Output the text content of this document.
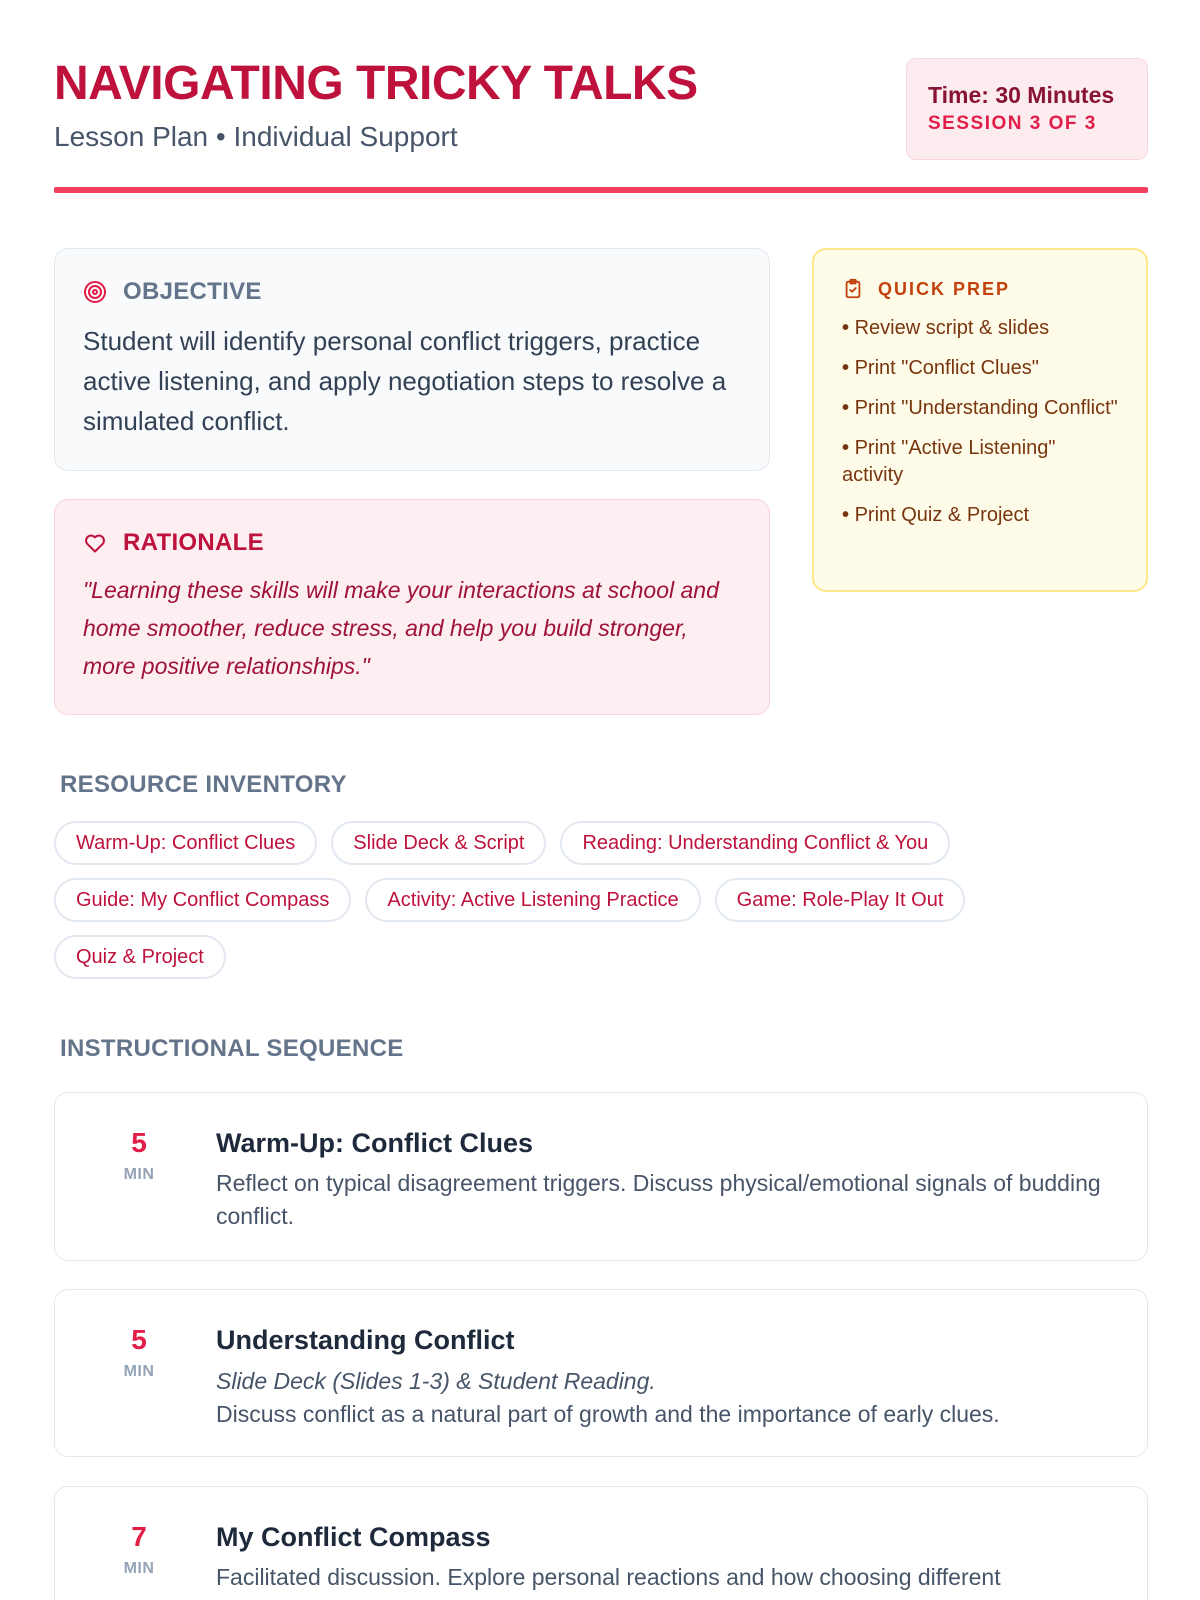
NAVIGATING TRICKY TALKS
Lesson Plan • Individual Support
Time: 30 Minutes
SESSION 3 OF 3
OBJECTIVE

Student will identify personal conflict triggers, practice active listening, and apply negotiation steps to resolve a simulated conflict.

RATIONALE

"Learning these skills will make your interactions at school and home smoother, reduce stress, and help you build stronger, more positive relationships."

QUICK PREP
• Review script & slides
• Print "Conflict Clues"
• Print "Understanding Conflict"
• Print "Active Listening" activity
• Print Quiz & Project
RESOURCE INVENTORY
Warm-Up: Conflict Clues	Slide Deck & Script	Reading: Understanding Conflict & You
Guide: My Conflict Compass	Activity: Active Listening Practice	Game: Role-Play It Out
Quiz & Project
INSTRUCTIONAL SEQUENCE
5
MIN
Warm-Up: Conflict Clues
Reflect on typical disagreement triggers. Discuss physical/emotional signals of budding conflict.
5
MIN
Understanding Conflict
Slide Deck (Slides 1-3) & Student Reading.
Discuss conflict as a natural part of growth and the importance of early clues.
7
MIN
My Conflict Compass
Facilitated discussion. Explore personal reactions and how choosing different
